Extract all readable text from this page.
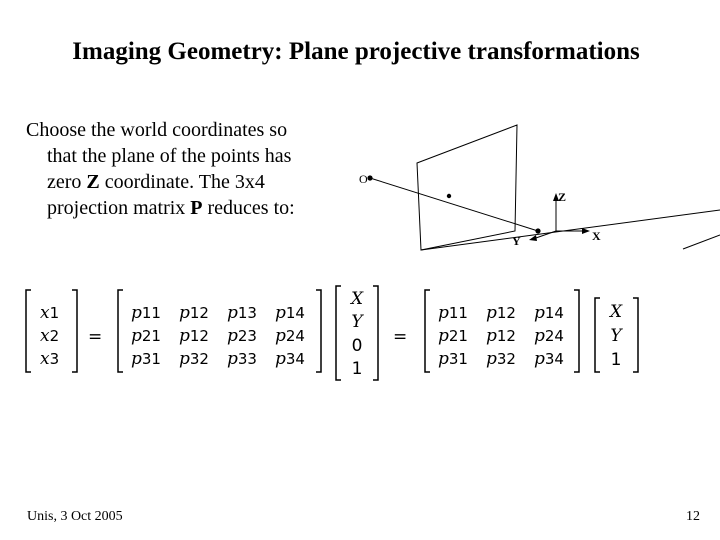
Imaging Geometry: Plane projective transformations
Choose the world coordinates so
that the plane of the points has
zero Z coordinate. The 3x4
projection matrix P reduces to:
O
Z
X
Y
x1
x2
x3
=
p11 p12 p13 p14
p21 p12 p23 p24
p31 p32 p33 p34
X
Y
0
1
=
p11 p12 p14
p21 p12 p24
p31 p32 p34
X
Y
1
Unis, 3 Oct 2005	12
